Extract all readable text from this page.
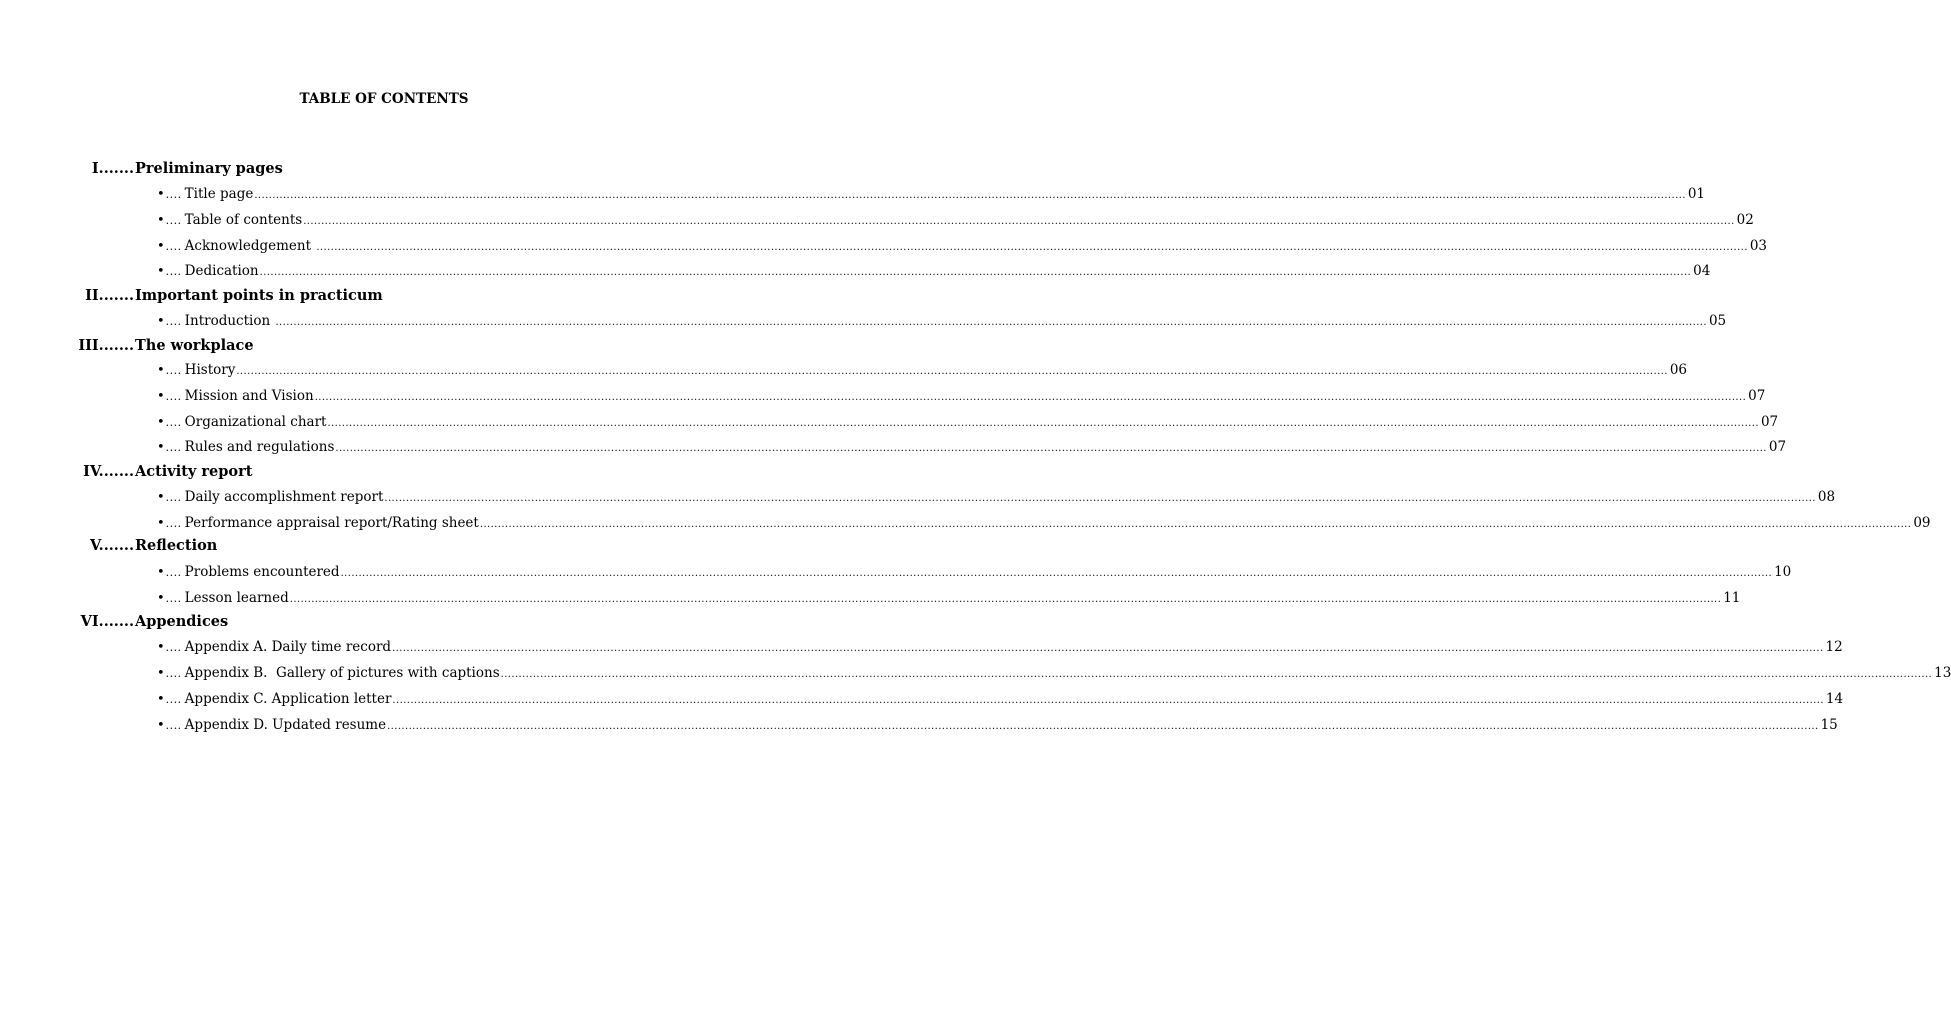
TABLE OF CONTENTS
I....... Preliminary pages
• .... Title page ................................................................................................................................................................................................................................................................................................................................................................................................................ 01
• .... Table of contents ................................................................................................................................................................................................................................................................................................................................................................................................................ 02
• .... Acknowledgement ................................................................................................................................................................................................................................................................................................................................................................................................................ 03
• .... Dedication ................................................................................................................................................................................................................................................................................................................................................................................................................ 04
II....... Important points in practicum
• .... Introduction ................................................................................................................................................................................................................................................................................................................................................................................................................ 05
III....... The workplace
• .... History ................................................................................................................................................................................................................................................................................................................................................................................................................ 06
• .... Mission and Vision ................................................................................................................................................................................................................................................................................................................................................................................................................ 07
• .... Organizational chart ................................................................................................................................................................................................................................................................................................................................................................................................................ 07
• .... Rules and regulations ................................................................................................................................................................................................................................................................................................................................................................................................................ 07
IV....... Activity report
• .... Daily accomplishment report ................................................................................................................................................................................................................................................................................................................................................................................................................ 08
• .... Performance appraisal report/Rating sheet ................................................................................................................................................................................................................................................................................................................................................................................................................ 09
V....... Reflection
• .... Problems encountered ................................................................................................................................................................................................................................................................................................................................................................................................................ 10
• .... Lesson learned ................................................................................................................................................................................................................................................................................................................................................................................................................ 11
VI....... Appendices
• .... Appendix A. Daily time record ................................................................................................................................................................................................................................................................................................................................................................................................................ 12
• .... Appendix B.  Gallery of pictures with captions ................................................................................................................................................................................................................................................................................................................................................................................................................ 13
• .... Appendix C. Application letter ................................................................................................................................................................................................................................................................................................................................................................................................................ 14
• .... Appendix D. Updated resume ................................................................................................................................................................................................................................................................................................................................................................................................................ 15
